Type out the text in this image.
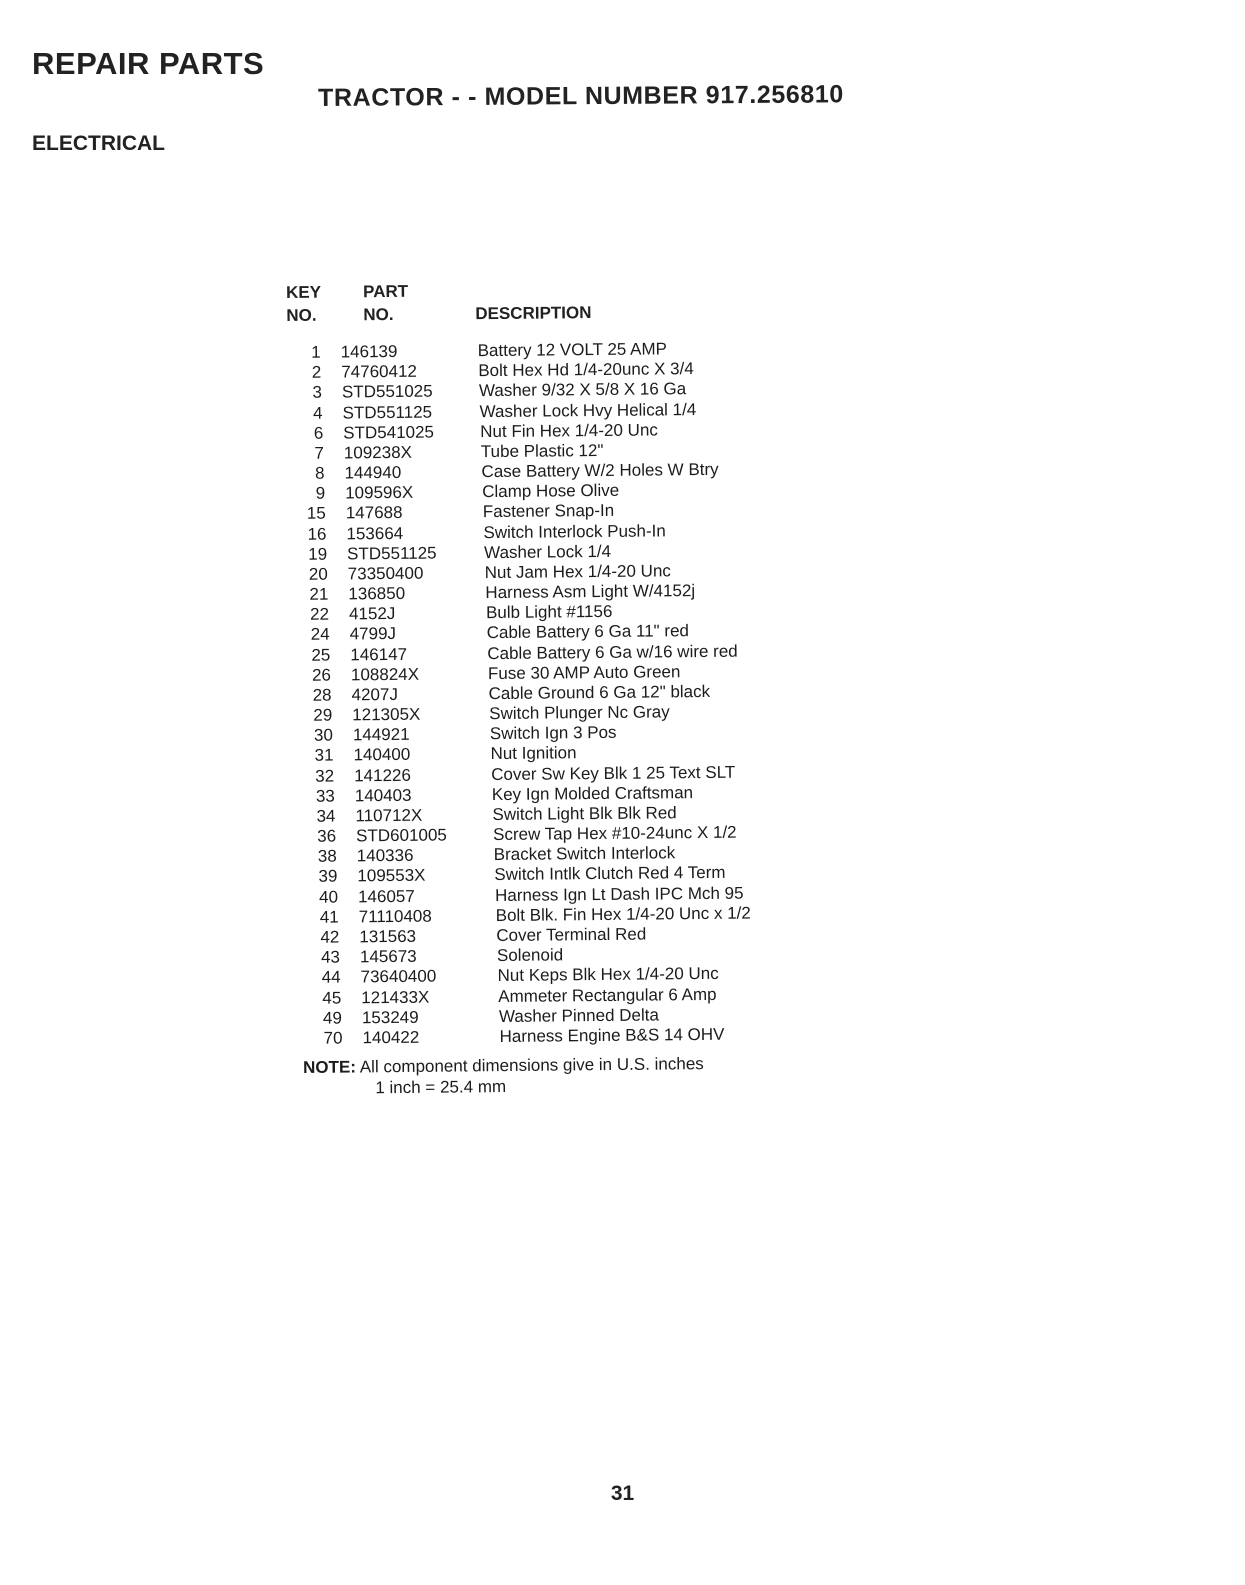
REPAIR PARTS
TRACTOR - - MODEL NUMBER 917.256810
ELECTRICAL
KEY
NO.
PART
NO.	DESCRIPTION
1 146139	Battery 12 VOLT 25 AMP
2 74760412	Bolt Hex Hd 1/4-20unc X 3/4
3 STD551025	Washer 9/32 X 5/8 X 16 Ga
4 STD551125	Washer Lock Hvy Helical 1/4
6 STD541025	Nut Fin Hex 1/4-20 Unc
7 109238X	Tube Plastic 12"
8 144940	Case Battery W/2 Holes W Btry
9 109596X	Clamp Hose Olive
15 147688	Fastener Snap-In
16 153664	Switch Interlock Push-In
19 STD551125	Washer Lock 1/4
20 73350400	Nut Jam Hex 1/4-20 Unc
21 136850	Harness Asm Light W/4152j
22 4152J	Bulb Light #1156
24 4799J	Cable Battery 6 Ga 11" red
25 146147	Cable Battery 6 Ga w/16 wire red
26 108824X	Fuse 30 AMP Auto Green
28 4207J	Cable Ground 6 Ga 12" black
29 121305X	Switch Plunger Nc Gray
30 144921	Switch Ign 3 Pos
31 140400	Nut Ignition
32 141226	Cover Sw Key Blk 1 25 Text SLT
33 140403	Key Ign Molded Craftsman
34 110712X	Switch Light Blk Blk Red
36 STD601005	Screw Tap Hex #10-24unc X 1/2
38 140336	Bracket Switch Interlock
39 109553X	Switch Intlk Clutch Red 4 Term
40 146057	Harness Ign Lt Dash IPC Mch 95
41 71110408	Bolt Blk. Fin Hex 1/4-20 Unc x 1/2
42 131563	Cover Terminal Red
43 145673	Solenoid
44 73640400	Nut Keps Blk Hex 1/4-20 Unc
45 121433X	Ammeter Rectangular 6 Amp
49 153249	Washer Pinned Delta
70 140422	Harness Engine B&S 14 OHV
NOTE: All component dimensions give in U.S. inches
1 inch = 25.4 mm
31
